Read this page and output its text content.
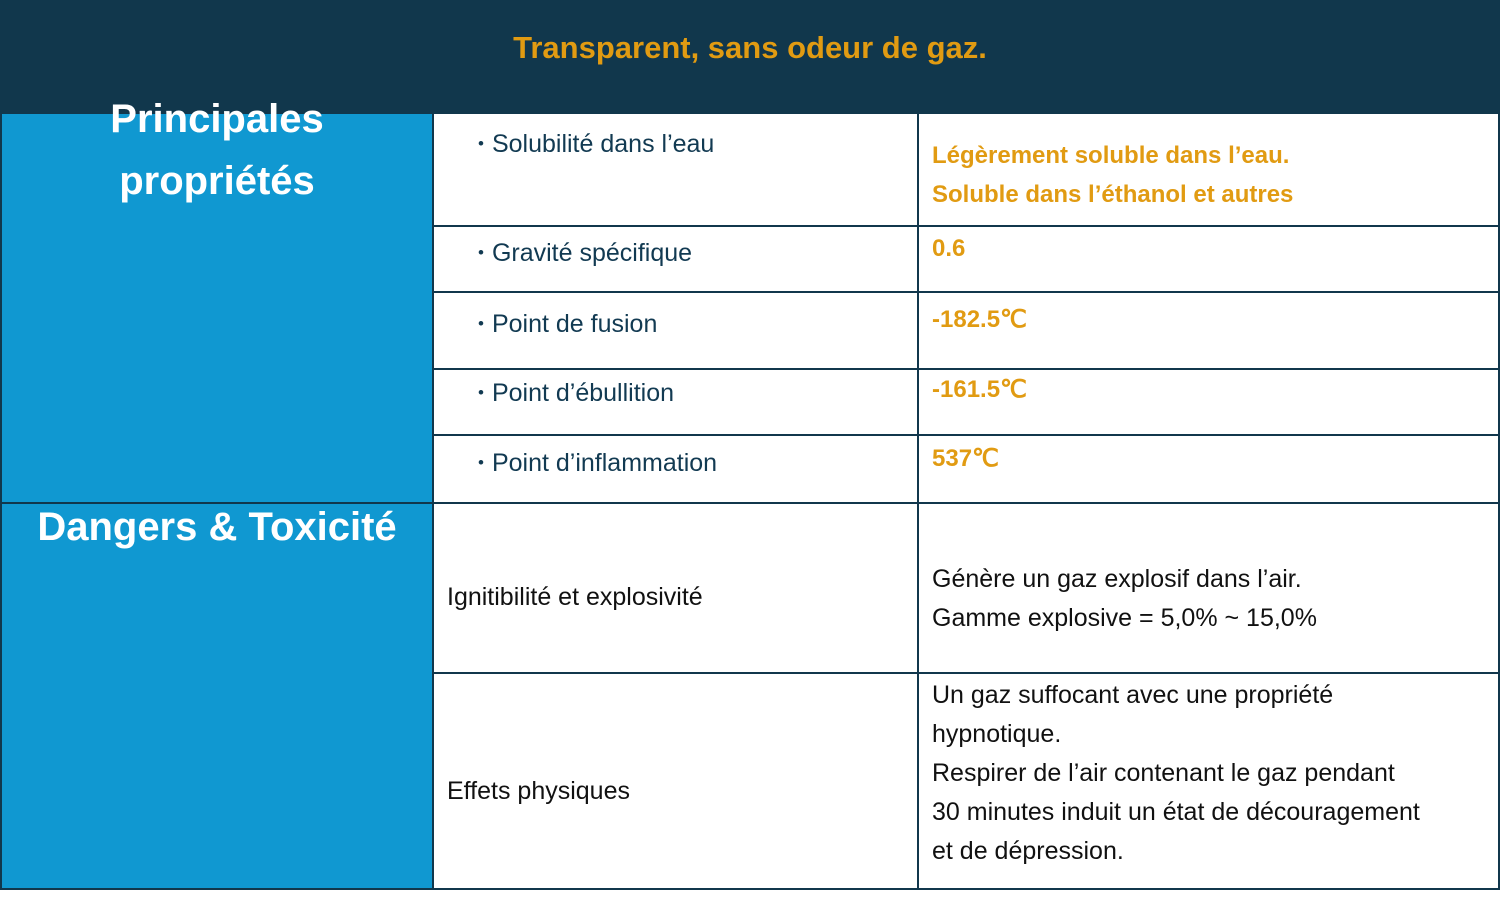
Transparent, sans odeur de gaz.
Principales
propriétés	• Solubilité dans l’eau	Légèrement soluble dans l’eau.
Soluble dans l’éthanol et autres

	• Gravité spécifique	0.6

	• Point de fusion	-182.5℃

	• Point d’ébullition	-161.5℃

	• Point d’inflammation	537℃

Dangers & Toxicité	Ignitibilité et explosivité	Génère un gaz explosif dans l’air.
Gamme explosive = 5,0% ~ 15,0%

	Effets physiques	Un gaz suffocant avec une propriété
hypnotique.
Respirer de l’air contenant le gaz pendant
30 minutes induit un état de découragement
et de dépression.
